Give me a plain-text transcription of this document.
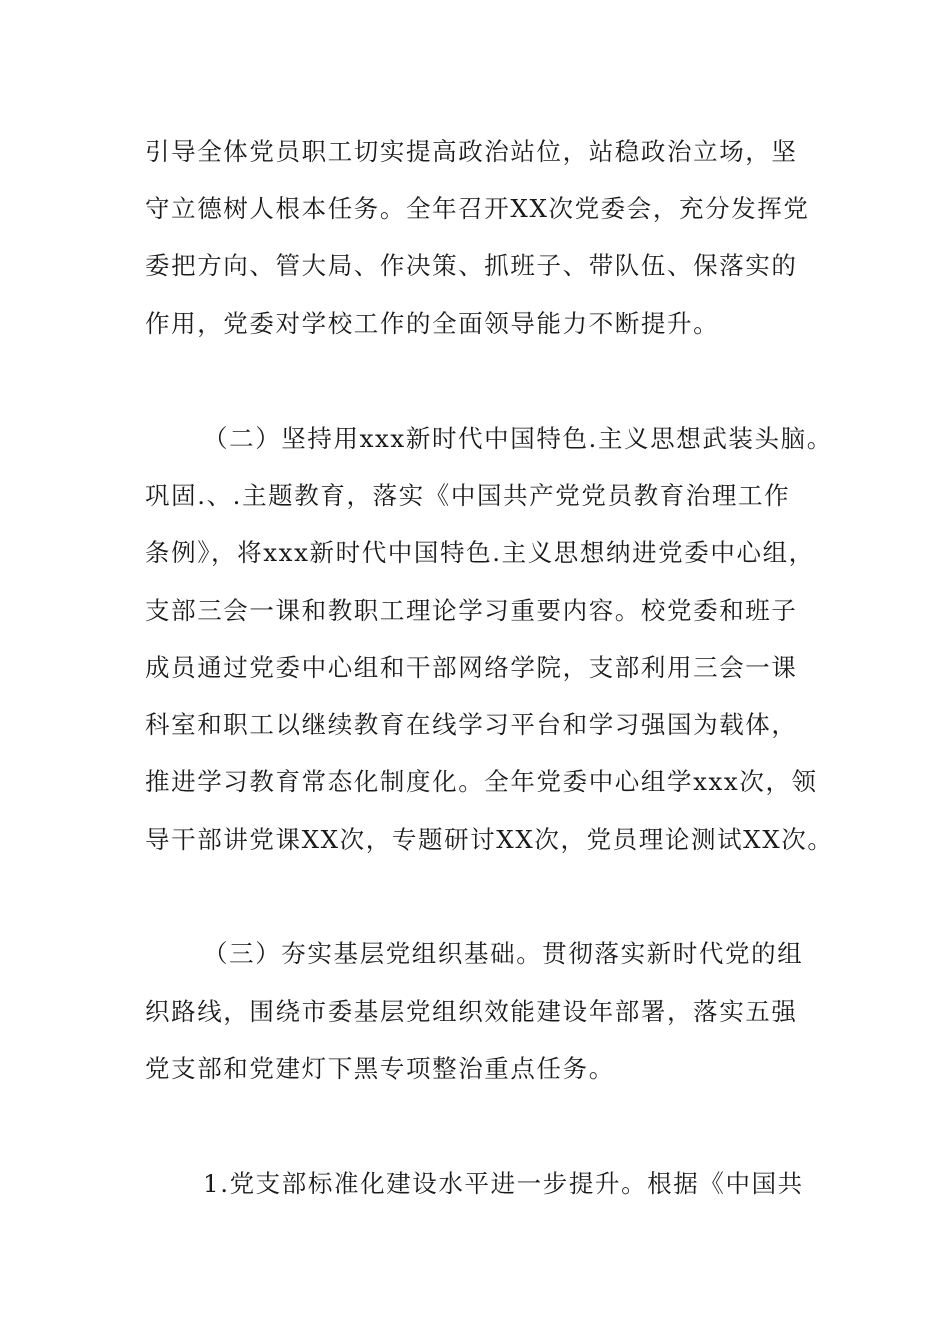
引导全体党员职工切实提高政治站位，站稳政治立场，坚
守立德树人根本任务。全年召开XX次党委会，充分发挥党
委把方向、管大局、作决策、抓班子、带队伍、保落实的
作用，党委对学校工作的全面领导能力不断提升。
（二）坚持用xxx新时代中国特色.主义思想武装头脑。
巩固.、.主题教育，落实《中国共产党党员教育治理工作
条例》，将xxx新时代中国特色.主义思想纳进党委中心组，
支部三会一课和教职工理论学习重要内容。校党委和班子
成员通过党委中心组和干部网络学院，支部利用三会一课
科室和职工以继续教育在线学习平台和学习强国为载体，
推进学习教育常态化制度化。全年党委中心组学xxx次，领
导干部讲党课XX次，专题研讨XX次，党员理论测试XX次。
（三）夯实基层党组织基础。贯彻落实新时代党的组
织路线，围绕市委基层党组织效能建设年部署，落实五强
党支部和党建灯下黑专项整治重点任务。
1.党支部标准化建设水平进一步提升。根据《中国共
